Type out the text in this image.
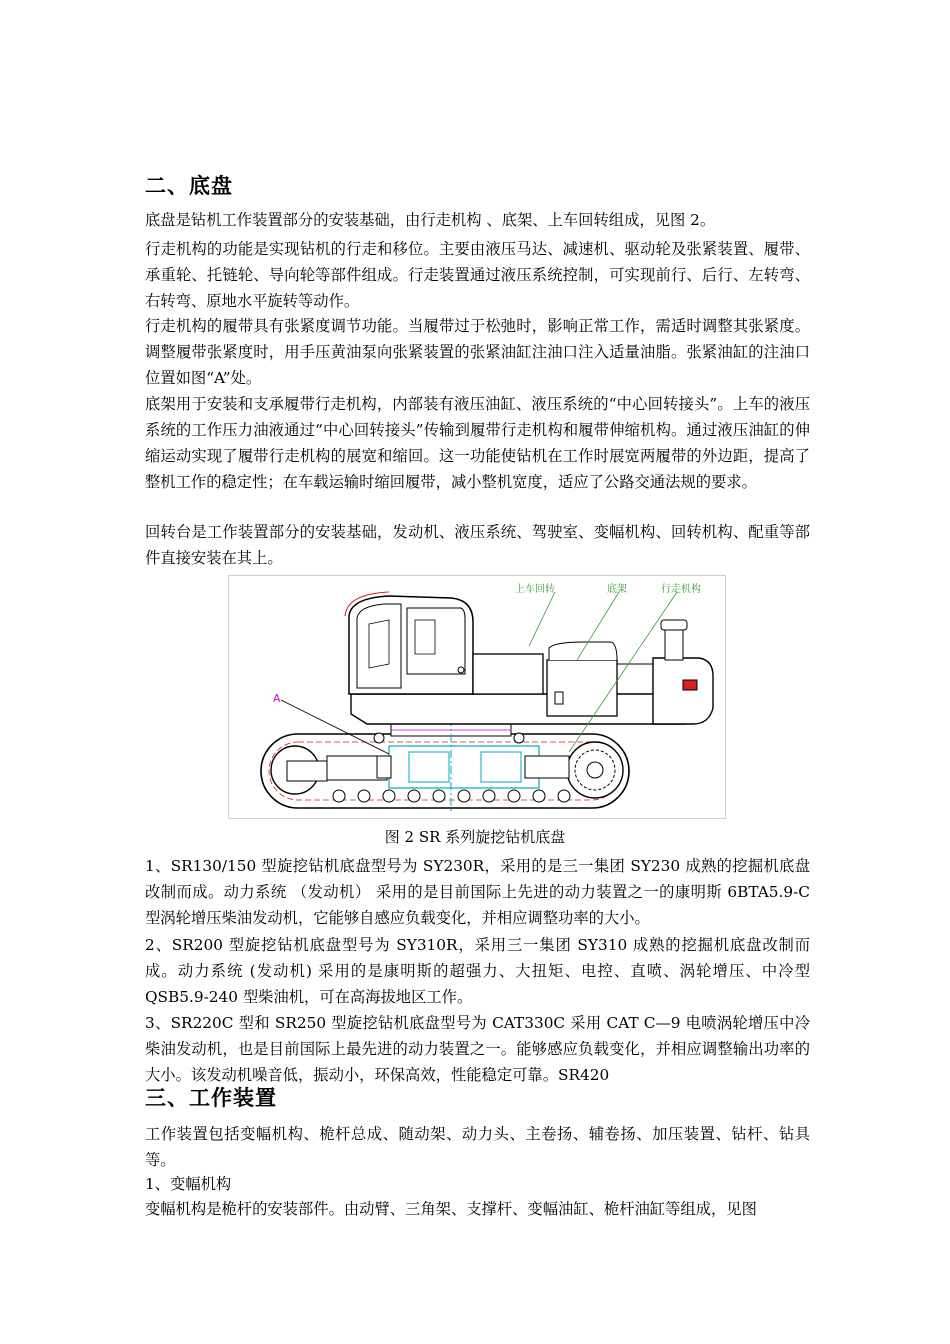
二、底盘

底盘是钻机工作装置部分的安装基础，由行走机构 、底架、上车回转组成，见图 2。

行走机构的功能是实现钻机的行走和移位。主要由液压马达、减速机、驱动轮及张紧装置、履带、承重轮、托链轮、导向轮等部件组成。行走装置通过液压系统控制，可实现前行、后行、左转弯、右转弯、原地水平旋转等动作。

行走机构的履带具有张紧度调节功能。当履带过于松弛时，影响正常工作，需适时调整其张紧度。调整履带张紧度时，用手压黄油泵向张紧装置的张紧油缸注油口注入适量油脂。张紧油缸的注油口位置如图“A”处。

底架用于安装和支承履带行走机构，内部装有液压油缸、液压系统的“中心回转接头”。上车的液压系统的工作压力油液通过“中心回转接头”传输到履带行走机构和履带伸缩机构。通过液压油缸的伸缩运动实现了履带行走机构的展宽和缩回。这一功能使钻机在工作时展宽两履带的外边距，提高了整机工作的稳定性；在车载运输时缩回履带，减小整机宽度，适应了公路交通法规的要求。

回转台是工作装置部分的安装基础，发动机、液压系统、驾驶室、变幅机构、回转机构、配重等部件直接安装在其上。

上车回转	底架	行走机构
A

图 2 SR 系列旋挖钻机底盘

1、SR130/150 型旋挖钻机底盘型号为 SY230R，采用的是三一集团 SY230 成熟的挖掘机底盘改制而成。动力系统 （发动机） 采用的是目前国际上先进的动力装置之一的康明斯 6BTA5.9-C 型涡轮增压柴油发动机，它能够自感应负载变化，并相应调整功率的大小。

2、SR200 型旋挖钻机底盘型号为 SY310R，采用三一集团 SY310 成熟的挖掘机底盘改制而成。动力系统 (发动机) 采用的是康明斯的超强力、大扭矩、电控、直喷、涡轮增压、中冷型 QSB5.9-240 型柴油机，可在高海拔地区工作。

3、SR220C 型和 SR250 型旋挖钻机底盘型号为 CAT330C 采用 CAT C—9 电喷涡轮增压中冷柴油发动机，也是目前国际上最先进的动力装置之一。能够感应负载变化，并相应调整输出功率的大小。该发动机噪音低，振动小，环保高效，性能稳定可靠。SR420

三、工作装置

工作装置包括变幅机构、桅杆总成、随动架、动力头、主卷扬、辅卷扬、加压装置、钻杆、钻具等。

1、变幅机构

变幅机构是桅杆的安装部件。由动臂、三角架、支撑杆、变幅油缸、桅杆油缸等组成，见图
